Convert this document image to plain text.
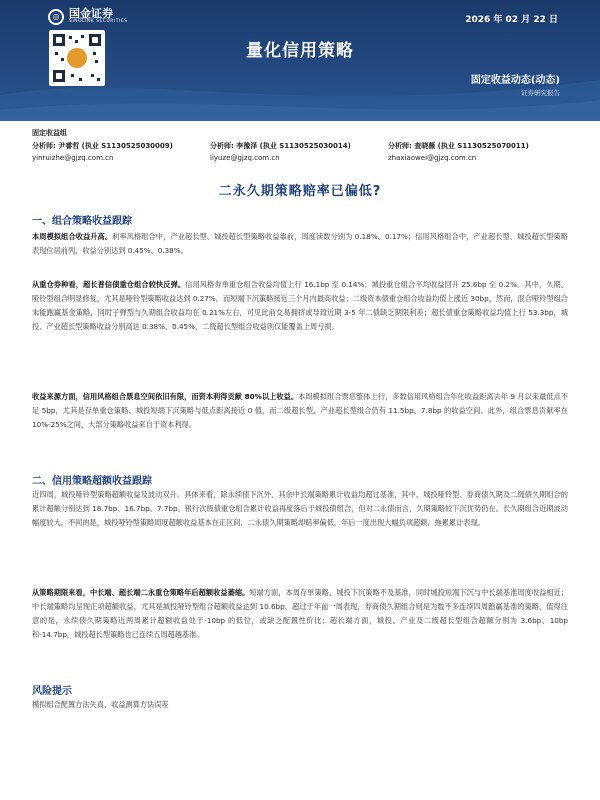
◎ 国金证券
SINOLINK SECURITIES	2026 年 02 月 22 日
量化信用策略
固定收益动态(动态)
证券研究报告
固定收益组
分析师: 尹睿哲 (执业 S1130525030009)
yinruizhe@gjzq.com.cn
分析师: 李豫泽 (执业 S1130525030014)
liyuze@gjzq.com.cn
分析师: 查晓薇 (执业 S1130525070011)
zhaxiaowei@gjzq.com.cn
二永久期策略赔率已偏低?
一、组合策略收益跟踪
本周模拟组合收益升高。利率风格组合中，产业超长型、城投超长型策略收益靠前，周度读数分别为 0.18%、0.17%；信用风格组合中，产业超长型、城投超长型策略表现位居前列，收益分别达到 0.45%、0.38%。
从重仓券种看，超长普信债重仓组合较快反弹。信用风格券单重仓组合收益均值上行 16.1bp 至 0.14%；城投重仓组合平均收益回升 25.6bp 至 0.2%。其中，久期、哑铃型组合明显修复，尤其是哑铃型策略收益达到 0.27%，而短端下沉策略接近三个月内最高收益；二级资本债重仓组合收益均值上涨近 30bp，然而，混合哑铃型组合未能跑赢基金策略，同时子弹型与久期组合收益均在 0.21%左右，可见此前交易拥挤或导致近期 3-5 年二债缺乏期限利差；超长债重仓策略收益均值上行 53.3bp，城投、产业超长型策略收益分别高达 0.38%、0.45%，二级超长型组合收益则仅能覆盖上周亏损。
收益来源方面，信用风格组合票息空间依旧有限，而资本利得贡献 80%以上收益。本周模拟组合票息整体上行，多数信用风格组合年化收益距离去年 9 月以来最低点不足 5bp，尤其是存单重仓策略、城投短端下沉策略与低点距离接近 0 值，而二级超长型、产业超长型组合仍有 11.5bp、7.8bp 的收益空间。此外，组合票息贡献率在 10%-25%之间，大部分策略收益来自于资本利得。
二、信用策略超额收益跟踪
近四周，城投哑铃型策略超额收益及波动双升。具体来看，除永续债下沉外，其余中长端策略累计收益均超过基准，其中，城投哑铃型、券商债久期及二级债久期组合的累计超额分别达到 18.7bp、16.7bp、7.7bp。银行次级债重仓组合累计收益再度落后于城投债组合，但对二永债而言，久期策略较下沉优势仍在。长久期组合近期波动幅度较大，不同的是，城投哑铃型策略周度超额收益基本在正区间，二永债久期策略却赔率偏低，年后一度出现大幅负项超额，拖累累计表现。
从策略期限来看，中长端、超长端二永重仓策略年后超额收益萎缩。短端方面，本周存单策略、城投下沉策略不及基准，同时城投短端下沉与中长端基准周度收益相近；中长端策略均呈现正项超额收益，尤其是城投哑铃型组合超额收益达到 10.6bp，超过于年前一周表现，券商债久期组合则是为数不多连续四周跑赢基准的策略，值得注意的是，永续债久期策略近两周累计超额收益处于-10bp 的低位，或缺乏配置性价比；超长端方面，城投、产业及二级超长型组合超额分别为 3.6bp、10bp 和-14.7bp，城投超长型策略也已连续五周超越基准。
风险提示
模拟组合配置方法失真，收益测算方法误差
